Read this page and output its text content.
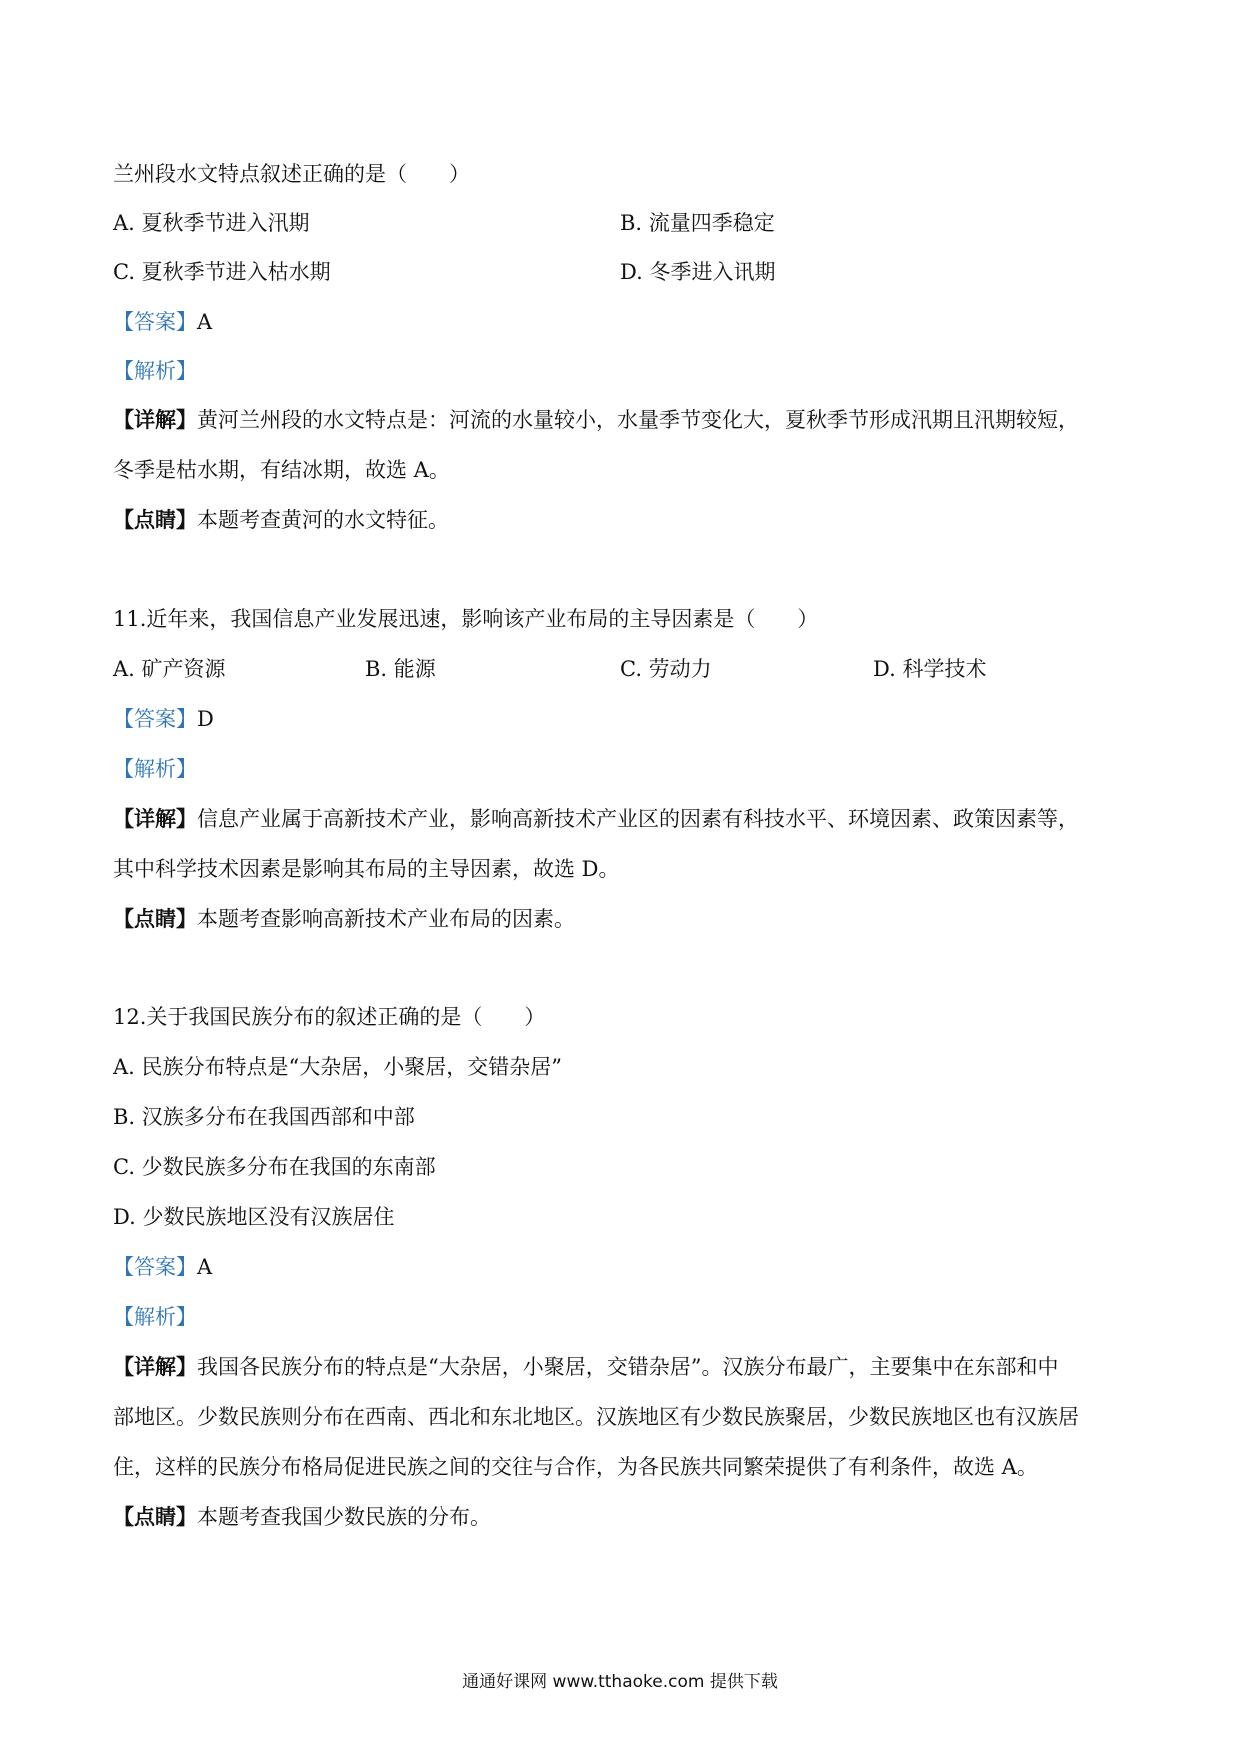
兰州段水文特点叙述正确的是（　　）
A. 夏秋季节进入汛期	B. 流量四季稳定
C. 夏秋季节进入枯水期	D. 冬季进入讯期
【答案】A
【解析】
【详解】黄河兰州段的水文特点是：河流的水量较小，水量季节变化大，夏秋季节形成汛期且汛期较短，
冬季是枯水期，有结冰期，故选 A。
【点睛】本题考查黄河的水文特征。
11.近年来，我国信息产业发展迅速，影响该产业布局的主导因素是（　　）
A. 矿产资源	B. 能源	C. 劳动力	D. 科学技术
【答案】D
【解析】
【详解】信息产业属于高新技术产业，影响高新技术产业区的因素有科技水平、环境因素、政策因素等，
其中科学技术因素是影响其布局的主导因素，故选 D。
【点睛】本题考查影响高新技术产业布局的因素。
12.关于我国民族分布的叙述正确的是（　　）
A. 民族分布特点是“大杂居，小聚居，交错杂居”
B. 汉族多分布在我国西部和中部
C. 少数民族多分布在我国的东南部
D. 少数民族地区没有汉族居住
【答案】A
【解析】
【详解】我国各民族分布的特点是“大杂居，小聚居，交错杂居”。汉族分布最广，主要集中在东部和中
部地区。少数民族则分布在西南、西北和东北地区。汉族地区有少数民族聚居，少数民族地区也有汉族居
住，这样的民族分布格局促进民族之间的交往与合作，为各民族共同繁荣提供了有利条件，故选 A。
【点睛】本题考查我国少数民族的分布。
通通好课网 www.tthaoke.com 提供下载
